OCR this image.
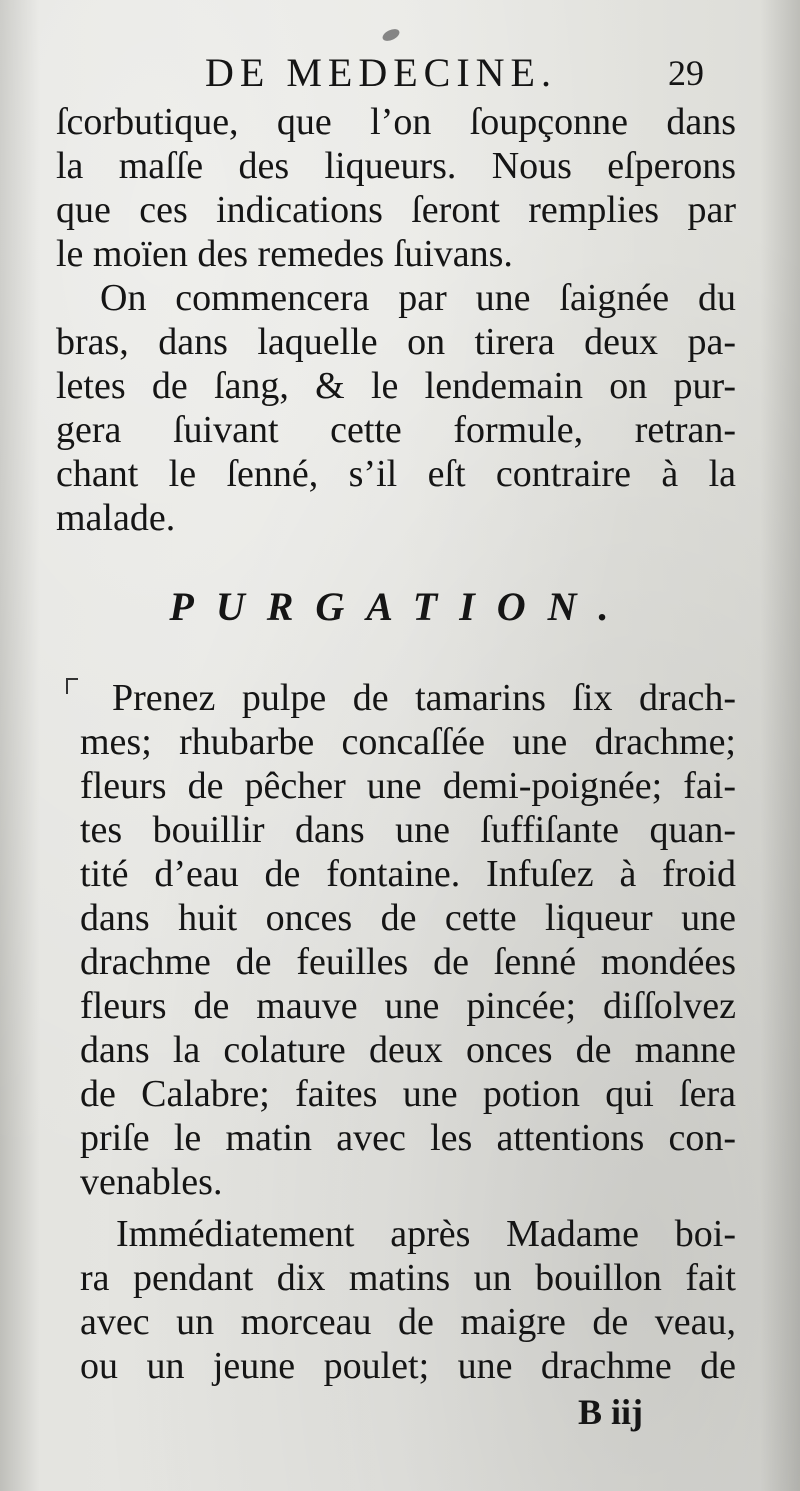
DE MEDECINE.	29
ſcorbutique, que l’on ſoupçonne dans
la maſſe des liqueurs. Nous eſperons
que ces indications ſeront remplies par
le moïen des remedes ſuivans.
On commencera par une ſaignée du
bras, dans laquelle on tirera deux pa-
letes de ſang, & le lendemain on pur-
gera ſuivant cette formule, retran-
chant le ſenné, s’il eſt contraire à la
malade.
PURGATION.
Prenez pulpe de tamarins ſix drach-
mes; rhubarbe concaſſée une drachme;
fleurs de pêcher une demi-poignée; fai-
tes bouillir dans une ſuffiſante quan-
tité d’eau de fontaine. Infuſez à froid
dans huit onces de cette liqueur une
drachme de feuilles de ſenné mondées
fleurs de mauve une pincée; diſſolvez
dans la colature deux onces de manne
de Calabre; faites une potion qui ſera
priſe le matin avec les attentions con-
venables.
Immédiatement après Madame boi-
ra pendant dix matins un bouillon fait
avec un morceau de maigre de veau,
ou un jeune poulet; une drachme de
B iij
